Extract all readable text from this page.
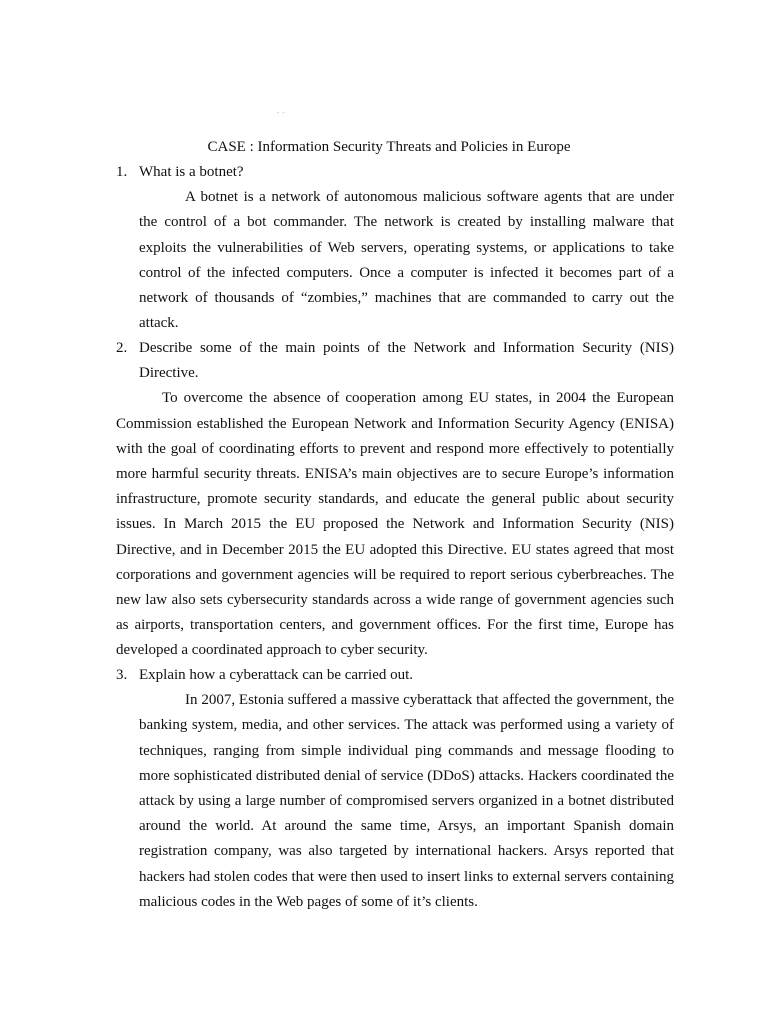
- -
CASE : Information Security Threats and Policies in Europe
1. What is a botnet?

A botnet is a network of autonomous malicious software agents that are under the control of a bot commander. The network is created by installing malware that exploits the vulnerabilities of Web servers, operating systems, or applications to take control of the infected computers. Once a computer is infected it becomes part of a network of thousands of “zombies,” machines that are commanded to carry out the attack.

2. Describe some of the main points of the Network and Information Security (NIS) Directive.

To overcome the absence of cooperation among EU states, in 2004 the European Commission established the European Network and Information Security Agency (ENISA) with the goal of coordinating efforts to prevent and respond more effectively to potentially more harmful security threats. ENISA’s main objectives are to secure Europe’s information infrastructure, promote security standards, and educate the general public about security issues. In March 2015 the EU proposed the Network and Information Security (NIS) Directive, and in December 2015 the EU adopted this Directive. EU states agreed that most corporations and government agencies will be required to report serious cyberbreaches. The new law also sets cybersecurity standards across a wide range of government agencies such as airports, transportation centers, and government offices. For the first time, Europe has developed a coordinated approach to cyber security.

3. Explain how a cyberattack can be carried out.

In 2007, Estonia suffered a massive cyberattack that affected the government, the banking system, media, and other services. The attack was performed using a variety of techniques, ranging from simple individual ping commands and message flooding to more sophisticated distributed denial of service (DDoS) attacks. Hackers coordinated the attack by using a large number of compromised servers organized in a botnet distributed around the world. At around the same time, Arsys, an important Spanish domain registration company, was also targeted by international hackers. Arsys reported that hackers had stolen codes that were then used to insert links to external servers containing malicious codes in the Web pages of some of it’s clients.
